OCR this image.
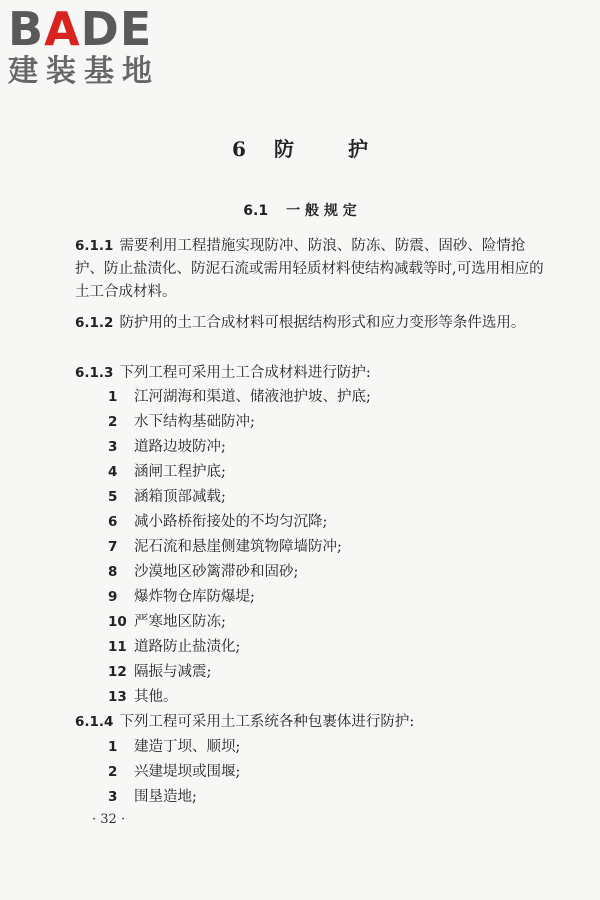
BADE
建装基地
6 防	护
6.1 一 般 规 定
6.1.1 需要利用工程措施实现防冲、防浪、防冻、防震、固砂、险情抢护、防止盐渍化、防泥石流或需用轻质材料使结构减载等时,可选用相应的土工合成材料。
6.1.2 防护用的土工合成材料可根据结构形式和应力变形等条件选用。
6.1.3 下列工程可采用土工合成材料进行防护:
1 江河湖海和渠道、储液池护坡、护底;
2 水下结构基础防冲;
3 道路边坡防冲;
4 涵闸工程护底;
5 涵箱顶部减载;
6 减小路桥衔接处的不均匀沉降;
7 泥石流和悬崖侧建筑物障墙防冲;
8 沙漠地区砂篱滞砂和固砂;
9 爆炸物仓库防爆堤;
10 严寒地区防冻;
11 道路防止盐渍化;
12 隔振与减震;
13 其他。
6.1.4 下列工程可采用土工系统各种包裹体进行防护:
1 建造丁坝、顺坝;
2 兴建堤坝或围堰;
3 围垦造地;
· 32 ·
